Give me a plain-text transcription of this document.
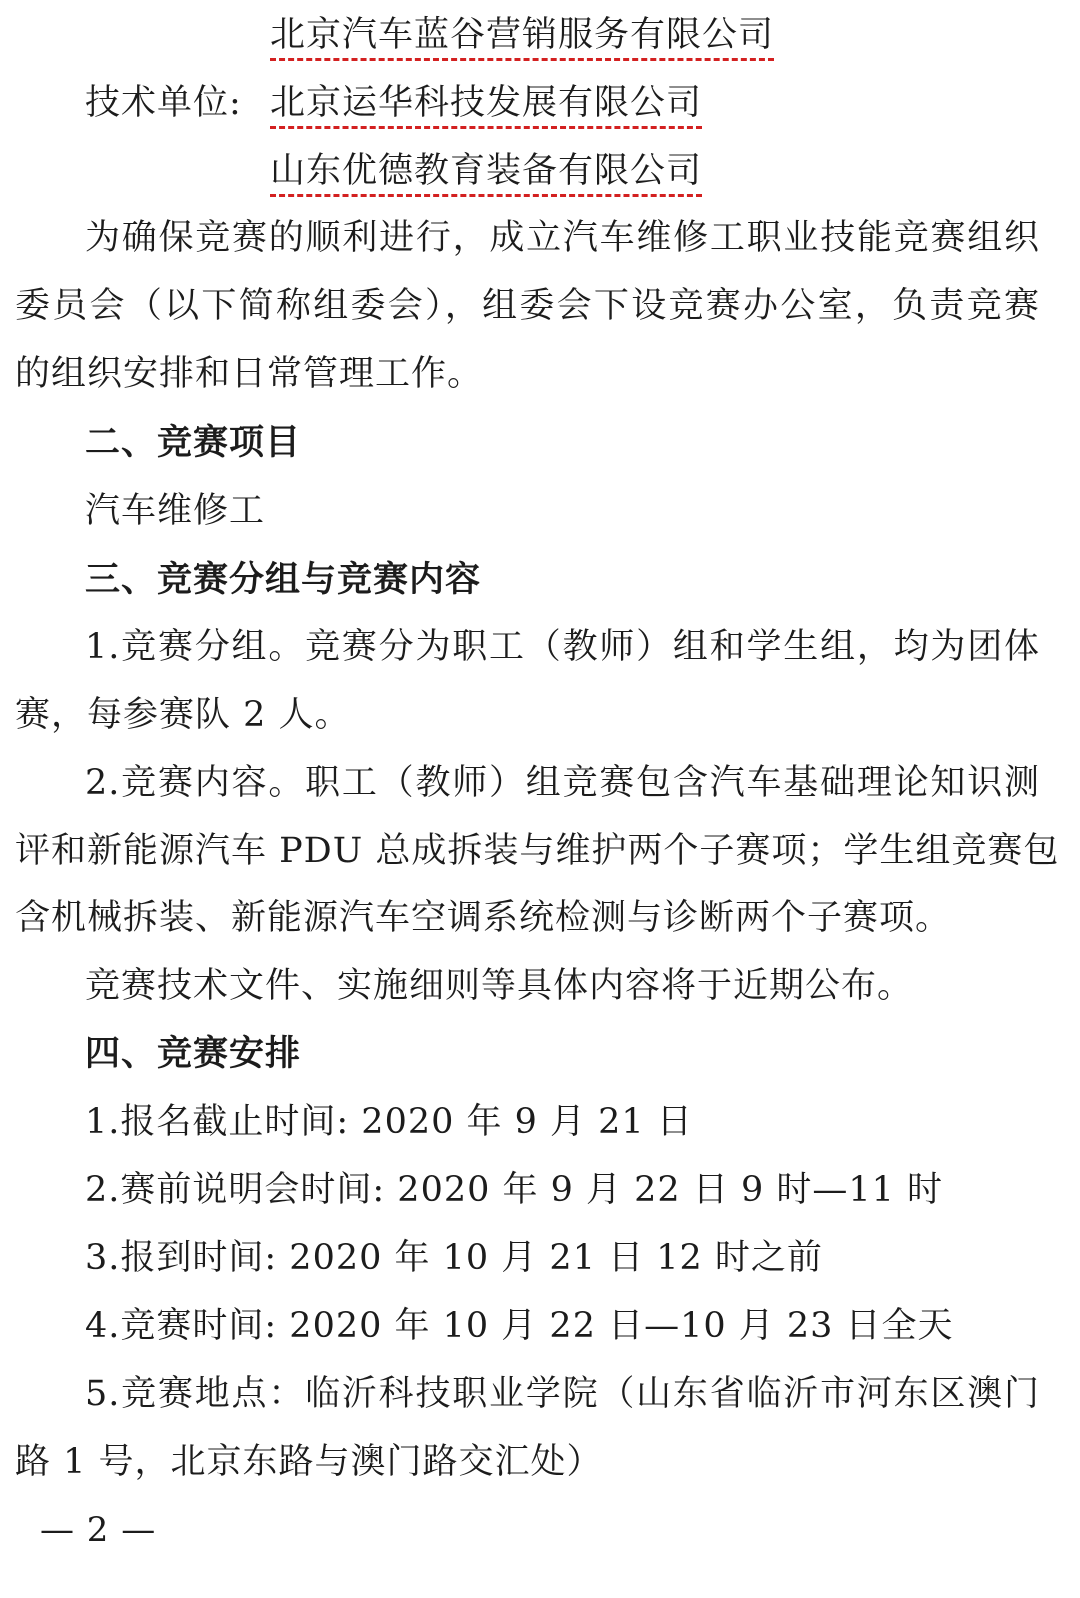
北京汽车蓝谷营销服务有限公司
技术单位: 北京运华科技发展有限公司
山东优德教育装备有限公司
为确保竞赛的顺利进行，成立汽车维修工职业技能竞赛组织
委员会（以下简称组委会），组委会下设竞赛办公室，负责竞赛
的组织安排和日常管理工作。
二、竞赛项目
汽车维修工
三、竞赛分组与竞赛内容
1.竞赛分组。竞赛分为职工（教师）组和学生组，均为团体
赛，每参赛队 2 人。
2.竞赛内容。职工（教师）组竞赛包含汽车基础理论知识测
评和新能源汽车 PDU 总成拆装与维护两个子赛项；学生组竞赛包
含机械拆装、新能源汽车空调系统检测与诊断两个子赛项。
竞赛技术文件、实施细则等具体内容将于近期公布。
四、竞赛安排
1.报名截止时间: 2020 年 9 月 21 日
2.赛前说明会时间: 2020 年 9 月 22 日 9 时—11 时
3.报到时间: 2020 年 10 月 21 日 12 时之前
4.竞赛时间: 2020 年 10 月 22 日—10 月 23 日全天
5.竞赛地点：临沂科技职业学院（山东省临沂市河东区澳门
路 1 号，北京东路与澳门路交汇处）
— 2 —
